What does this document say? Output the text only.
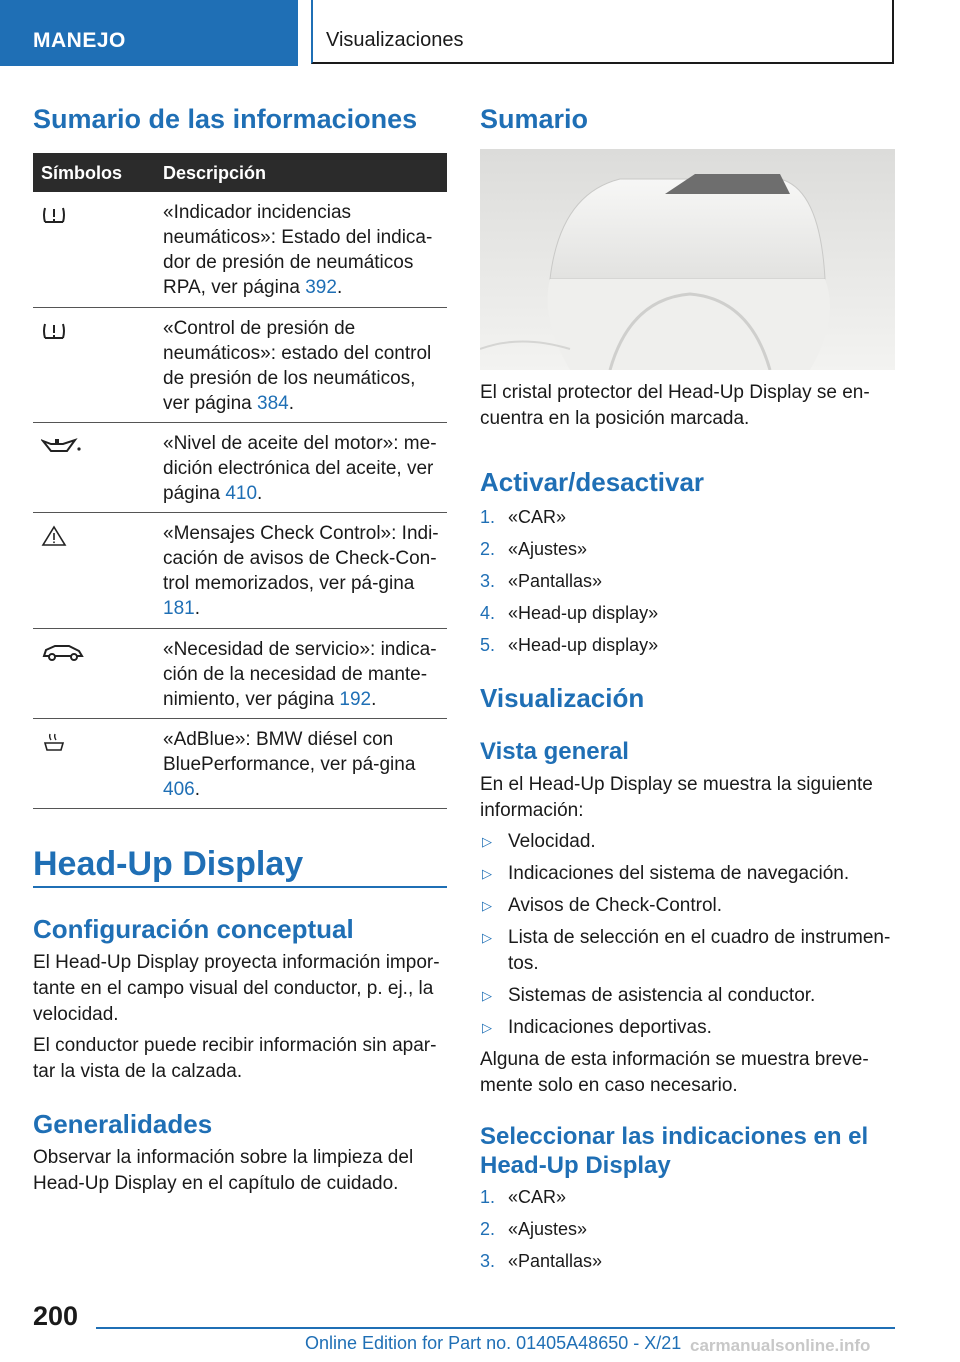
MANEJO	Visualizaciones
Sumario de las informaciones
Símbolos Descripción
«Indicador incidencias neumáticos»: Estado del indica-dor de presión de neumáticos RPA, ver página 392.
«Control de presión de neumáticos»: estado del control de presión de los neumáticos, ver página 384.
«Nivel de aceite del motor»: me-dición electrónica del aceite, ver página 410.
«Mensajes Check Control»: Indi-cación de avisos de Check-Con-trol memorizados, ver pá-gina 181.
«Necesidad de servicio»: indica-ción de la necesidad de mante-nimiento, ver página 192.
«AdBlue»: BMW diésel con BluePerformance, ver pá-gina 406.
Head-Up Display
Configuración conceptual

El Head-Up Display proyecta información impor-tante en el campo visual del conductor, p. ej., la velocidad.

El conductor puede recibir información sin apar-tar la vista de la calzada.

Generalidades

Observar la información sobre la limpieza del Head-Up Display en el capítulo de cuidado.

Sumario

El cristal protector del Head-Up Display se en-cuentra en la posición marcada.

Activar/desactivar
1. «CAR»
2. «Ajustes»
3. «Pantallas»
4. «Head-up display»
5. «Head-up display»
Visualización
Vista general

En el Head-Up Display se muestra la siguiente información:

▷ Velocidad.
▷ Indicaciones del sistema de navegación.
▷ Avisos de Check-Control.
▷ Lista de selección en el cuadro de instrumen-tos.
▷ Sistemas de asistencia al conductor.
▷ Indicaciones deportivas.

Alguna de esta información se muestra breve-mente solo en caso necesario.

Seleccionar las indicaciones en el Head-Up Display
1. «CAR»
2. «Ajustes»
3. «Pantallas»
200
Online Edition for Part no. 01405A48650 - X/21 carmanualsonline.info
